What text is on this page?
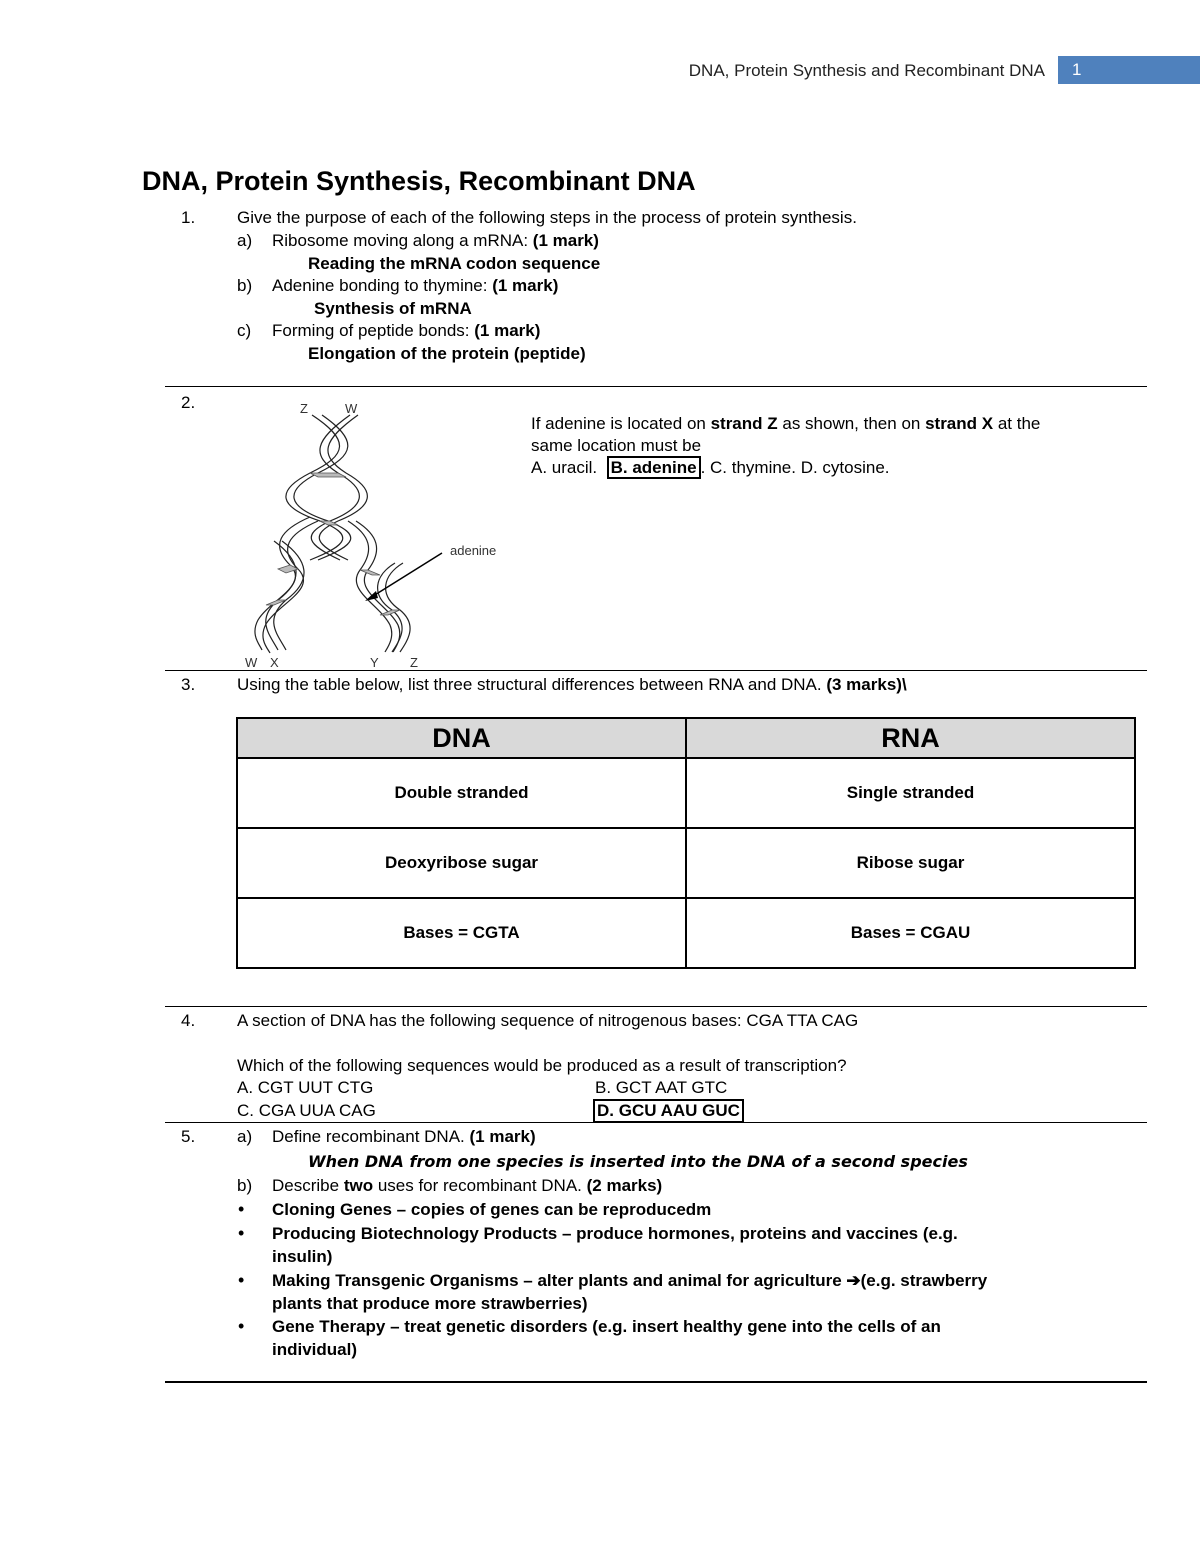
DNA, Protein Synthesis and Recombinant DNA	1
DNA, Protein Synthesis, Recombinant DNA
1. Give the purpose of each of the following steps in the process of protein synthesis.
a) Ribosome moving along a mRNA: (1 mark)
Reading the mRNA codon sequence
b) Adenine bonding to thymine: (1 mark)
Synthesis of mRNA
c) Forming of peptide bonds: (1 mark)
Elongation of the protein (peptide)
2.
adenine
Z	W
W X	Y Z
If adenine is located on strand Z as shown, then on strand X at the
same location must be
A. uracil. B. adenine . C. thymine. D. cytosine.
3. Using the table below, list three structural differences between RNA and DNA. (3 marks)\
DNA	RNA
Double stranded	Single stranded
Deoxyribose sugar	Ribose sugar
Bases = CGTA	Bases = CGAU
4. A section of DNA has the following sequence of nitrogenous bases: CGA TTA CAG
Which of the following sequences would be produced as a result of transcription?
A. CGT UUT CTG	B. GCT AAT GTC
C. CGA UUA CAG	D. GCU AAU GUC
5. a) Define recombinant DNA. (1 mark)
When DNA from one species is inserted into the DNA of a second species
b) Describe two uses for recombinant DNA. (2 marks)
• Cloning Genes – copies of genes can be reproducedm
• Producing Biotechnology Products – produce hormones, proteins and vaccines (e.g.
insulin)
• Making Transgenic Organisms – alter plants and animal for agriculture ➔(e.g. strawberry
plants that produce more strawberries)
• Gene Therapy – treat genetic disorders (e.g. insert healthy gene into the cells of an
individual)
